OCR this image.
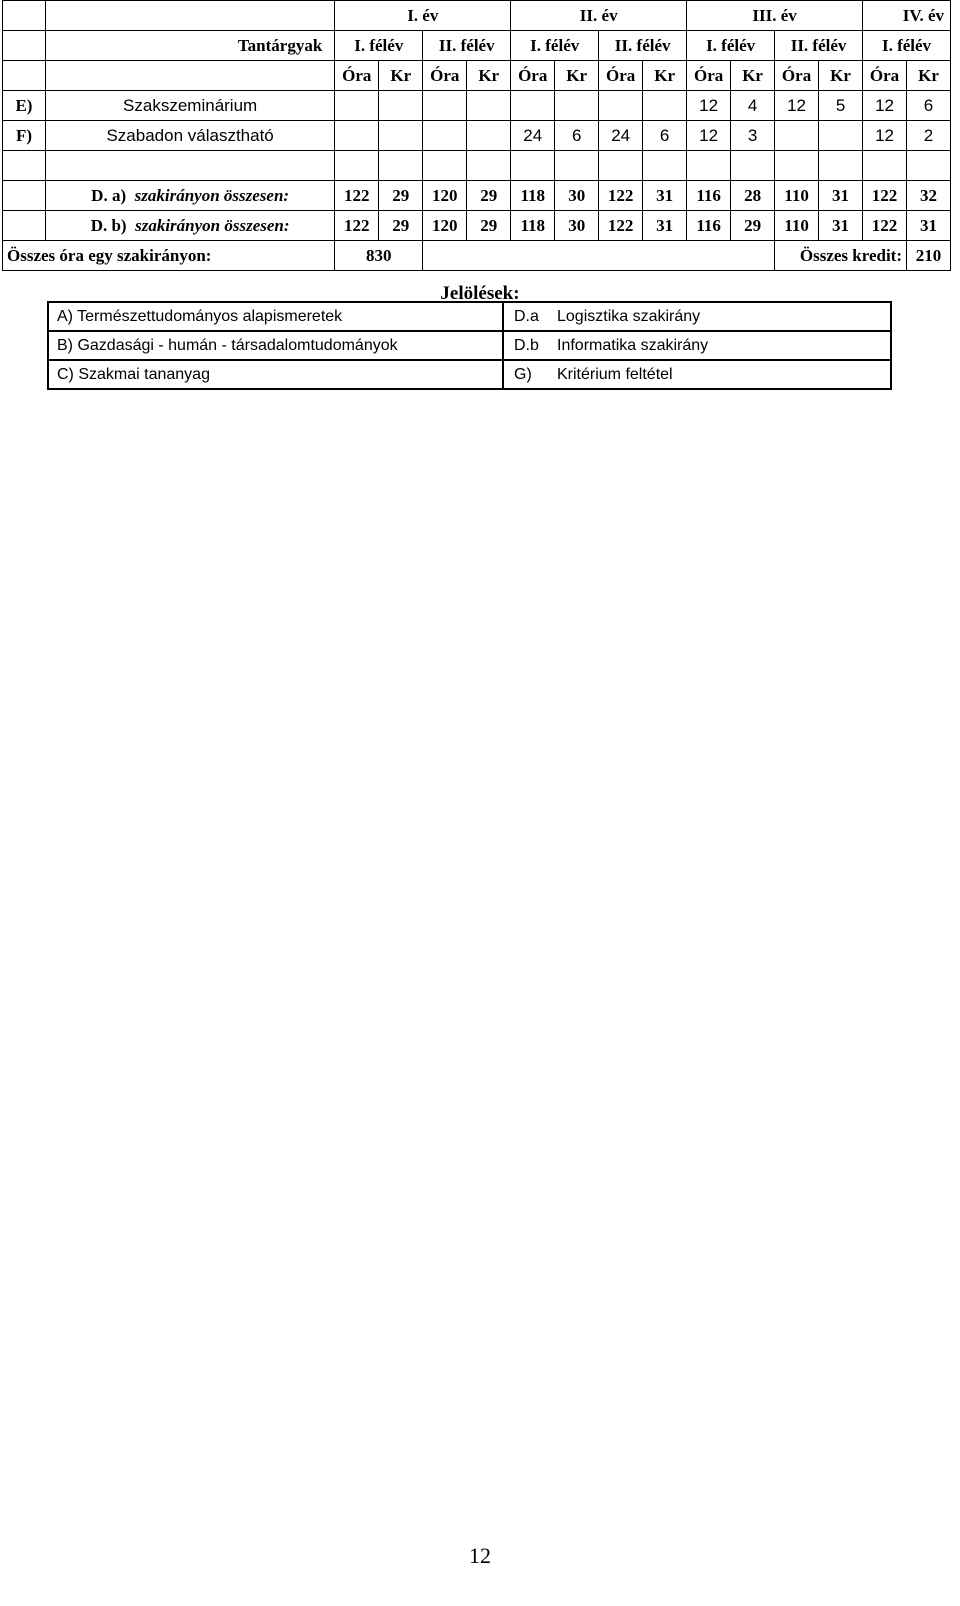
		I. év				II. év				III. év				IV. év	
	Tantárgyak	I. félév		II. félév		I. félév		II. félév		I. félév		II. félév		I. félév	
		Óra	Kr	Óra	Kr	Óra	Kr	Óra	Kr	Óra	Kr	Óra	Kr	Óra	Kr
E)	Szakszeminárium									12	4	12	5	12	6
F)	Szabadon választható					24	6	24	6	12	3			12	2

	D. a) szakirányon összesen:	122	29	120	29	118	30	122	31	116	28	110	31	122	32
	D. b) szakirányon összesen:	122	29	120	29	118	30	122	31	116	29	110	31	122	31
Összes óra egy szakirányon:		830										Összes kredit:			210
Jelölések:
A) Természettudományos alapismeretek	D.a	Logisztika szakirány
B) Gazdasági - humán - társadalomtudományok	D.b	Informatika szakirány
C) Szakmai tananyag	G)	Kritérium feltétel
12
